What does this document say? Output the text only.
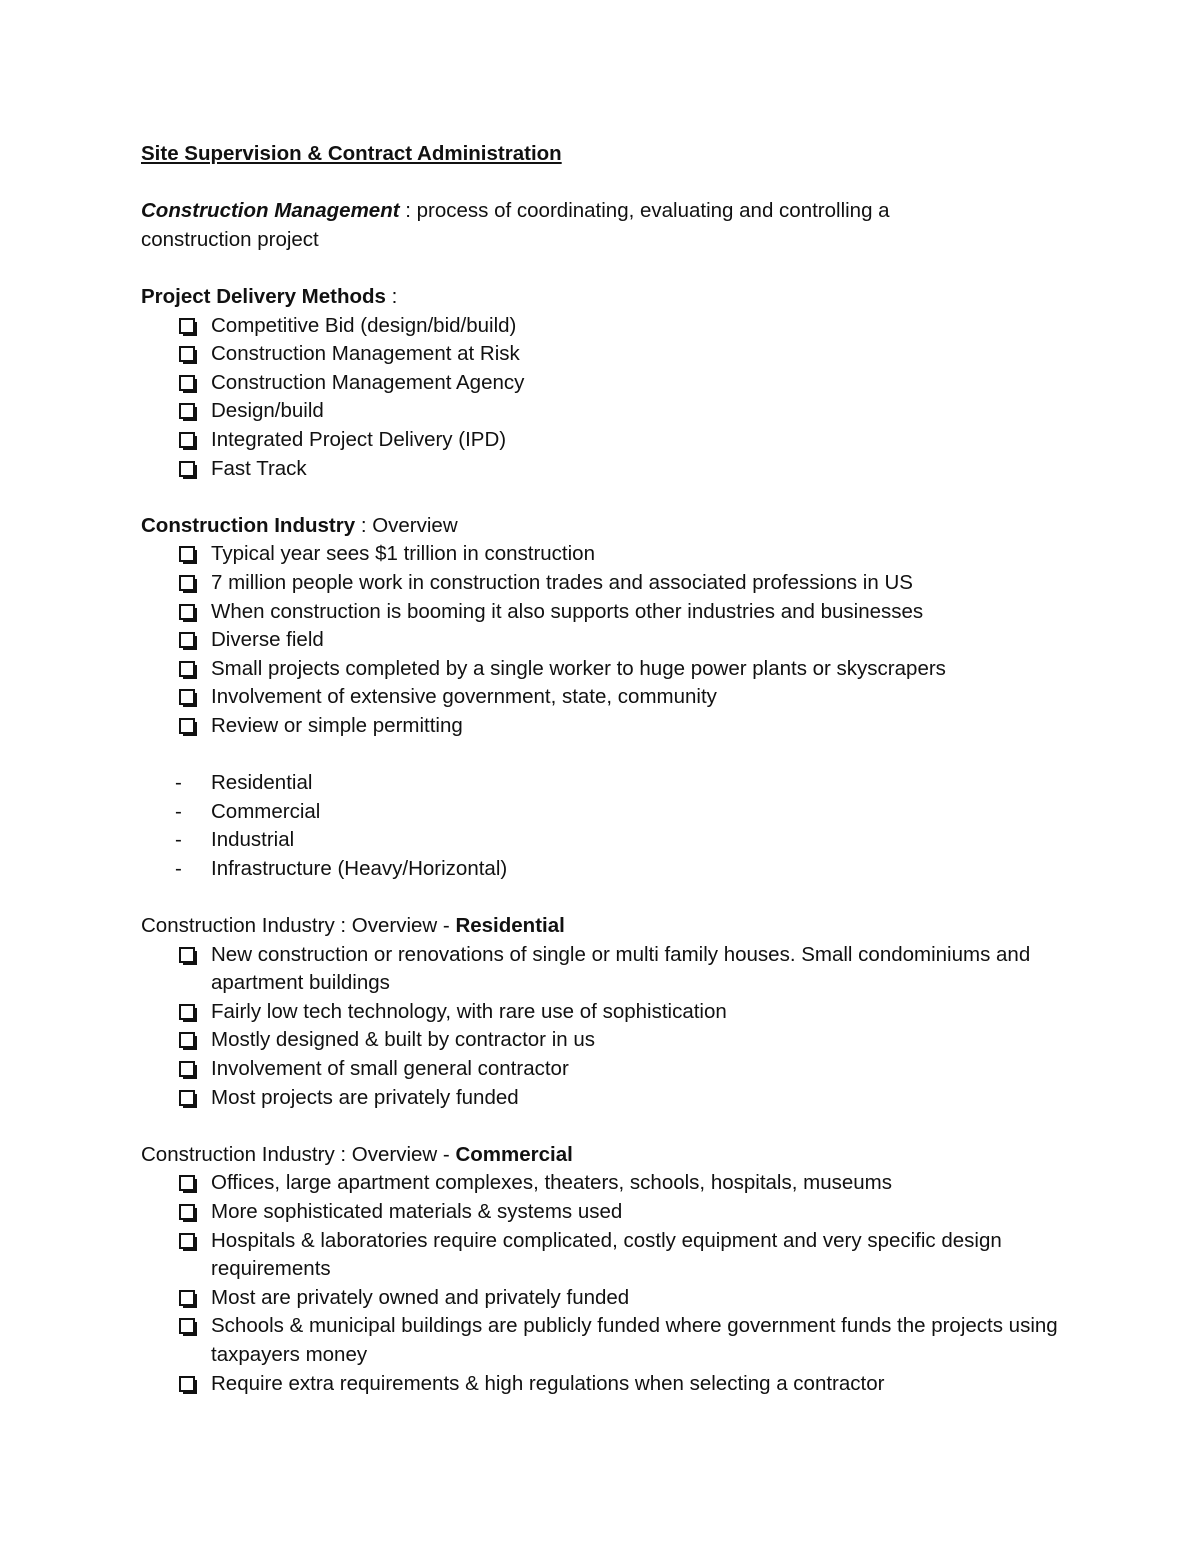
Site Supervision & Contract Administration

Construction Management : process of coordinating, evaluating and controlling a
construction project

Project Delivery Methods :

Competitive Bid (design/bid/build)
Construction Management at Risk
Construction Management Agency
Design/build
Integrated Project Delivery (IPD)
Fast Track

Construction Industry : Overview

Typical year sees $1 trillion in construction
7 million people work in construction trades and associated professions in US
When construction is booming it also supports other industries and businesses
Diverse field
Small projects completed by a single worker to huge power plants or skyscrapers
Involvement of extensive government, state, community
Review or simple permitting
- Residential
- Commercial
- Industrial
- Infrastructure (Heavy/Horizontal)

Construction Industry : Overview - Residential

New construction or renovations of single or multi family houses. Small condominiums and apartment buildings
Fairly low tech technology, with rare use of sophistication
Mostly designed & built by contractor in us
Involvement of small general contractor
Most projects are privately funded

Construction Industry : Overview - Commercial

Offices, large apartment complexes, theaters, schools, hospitals, museums
More sophisticated materials & systems used
Hospitals & laboratories require complicated, costly equipment and very specific design requirements
Most are privately owned and privately funded
Schools & municipal buildings are publicly funded where government funds the projects using taxpayers money
Require extra requirements & high regulations when selecting a contractor
